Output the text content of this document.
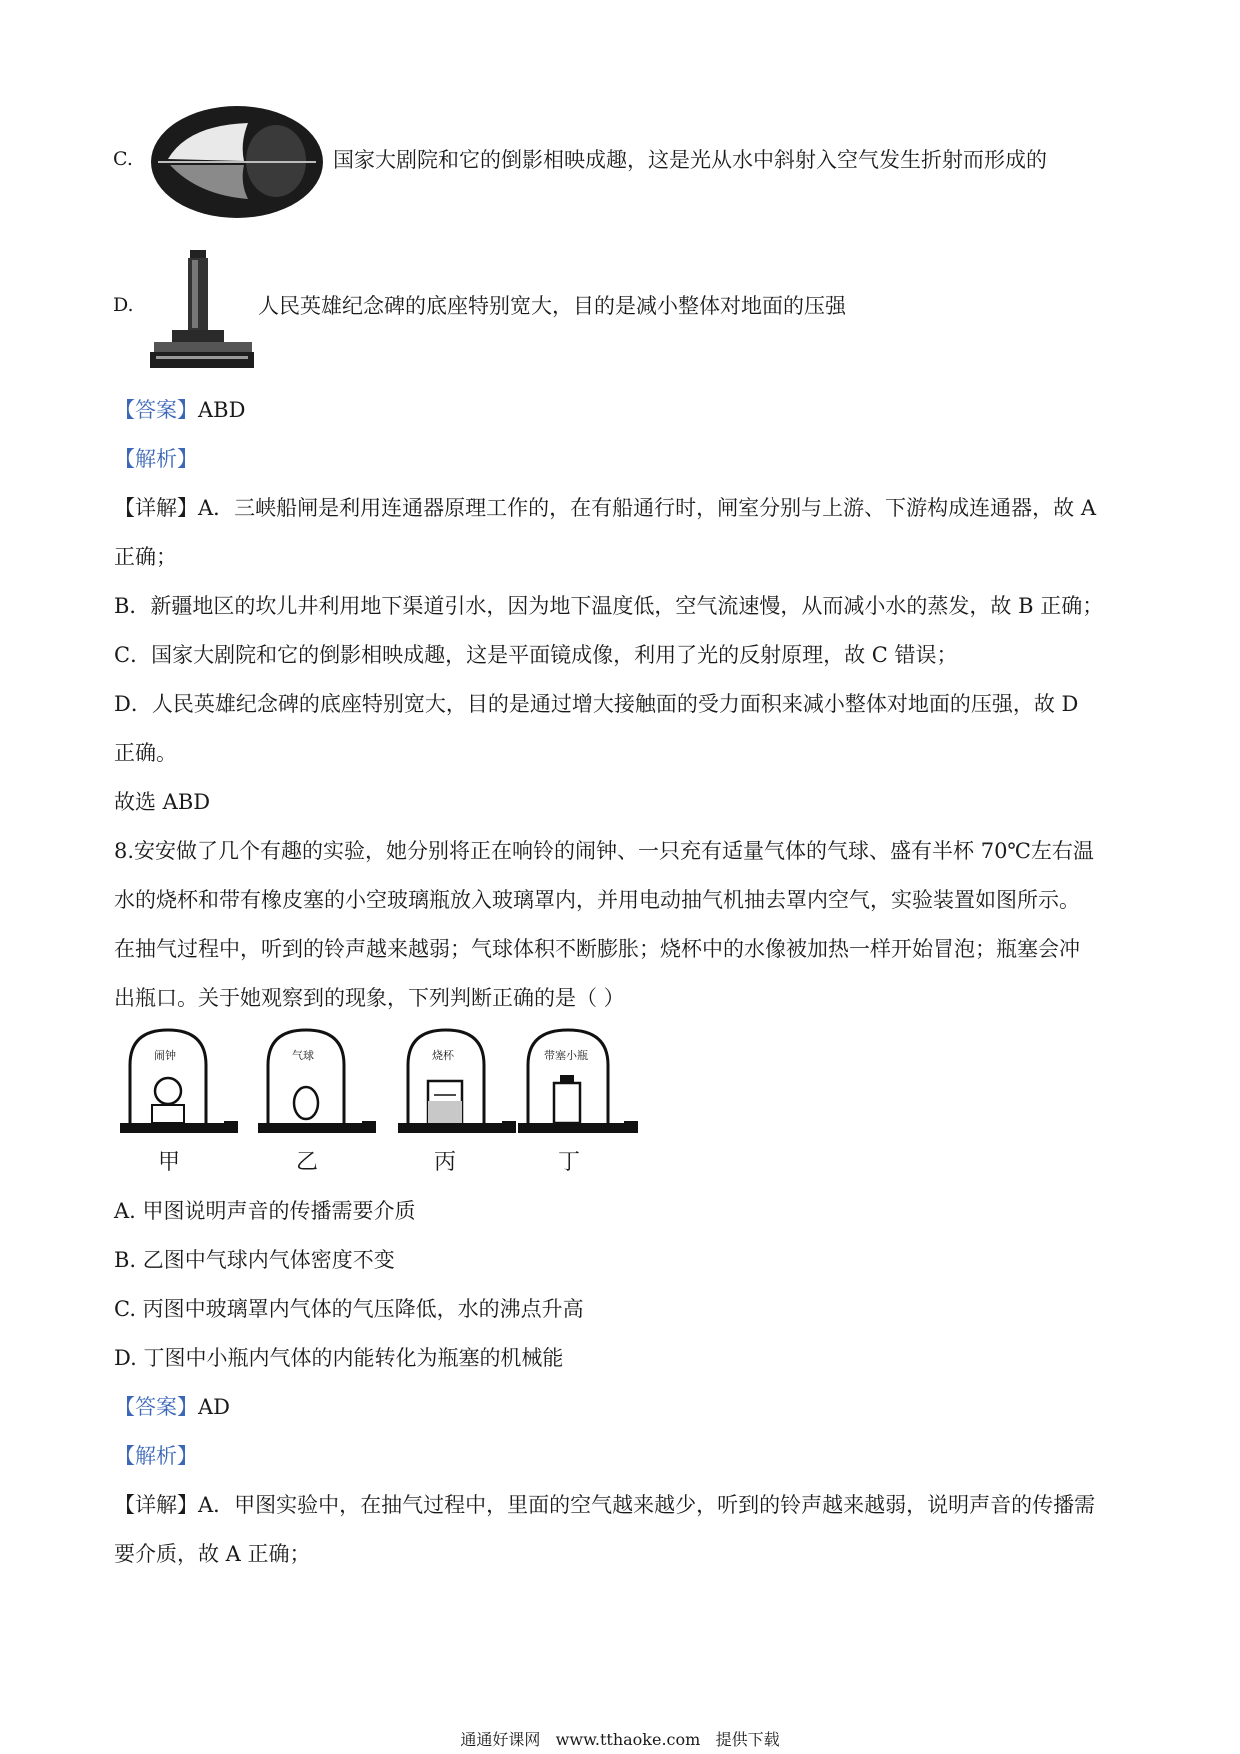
C.	国家大剧院和它的倒影相映成趣，这是光从水中斜射入空气发生折射而形成的
D.	人民英雄纪念碑的底座特别宽大，目的是减小整体对地面的压强
【答案】ABD
【解析】
【详解】A．三峡船闸是利用连通器原理工作的，在有船通行时，闸室分别与上游、下游构成连通器，故 A
正确；
B．新疆地区的坎儿井利用地下渠道引水，因为地下温度低，空气流速慢，从而减小水的蒸发，故 B 正确；
C．国家大剧院和它的倒影相映成趣，这是平面镜成像，利用了光的反射原理，故 C 错误；
D．人民英雄纪念碑的底座特别宽大，目的是通过增大接触面的受力面积来减小整体对地面的压强，故 D
正确。
故选 ABD
8.安安做了几个有趣的实验，她分别将正在响铃的闹钟、一只充有适量气体的气球、盛有半杯 70℃左右温
水的烧杯和带有橡皮塞的小空玻璃瓶放入玻璃罩内，并用电动抽气机抽去罩内空气，实验装置如图所示。
在抽气过程中，听到的铃声越来越弱；气球体积不断膨胀；烧杯中的水像被加热一样开始冒泡；瓶塞会冲
出瓶口。关于她观察到的现象，下列判断正确的是（ ）
闹钟
甲
气球
乙
烧杯
丙
带塞小瓶
丁
A. 甲图说明声音的传播需要介质
B. 乙图中气球内气体密度不变
C. 丙图中玻璃罩内气体的气压降低，水的沸点升高
D. 丁图中小瓶内气体的内能转化为瓶塞的机械能
【答案】AD
【解析】
【详解】A．甲图实验中，在抽气过程中，里面的空气越来越少，听到的铃声越来越弱，说明声音的传播需
要介质，故 A 正确；
通通好课网   www.tthaoke.com   提供下载
